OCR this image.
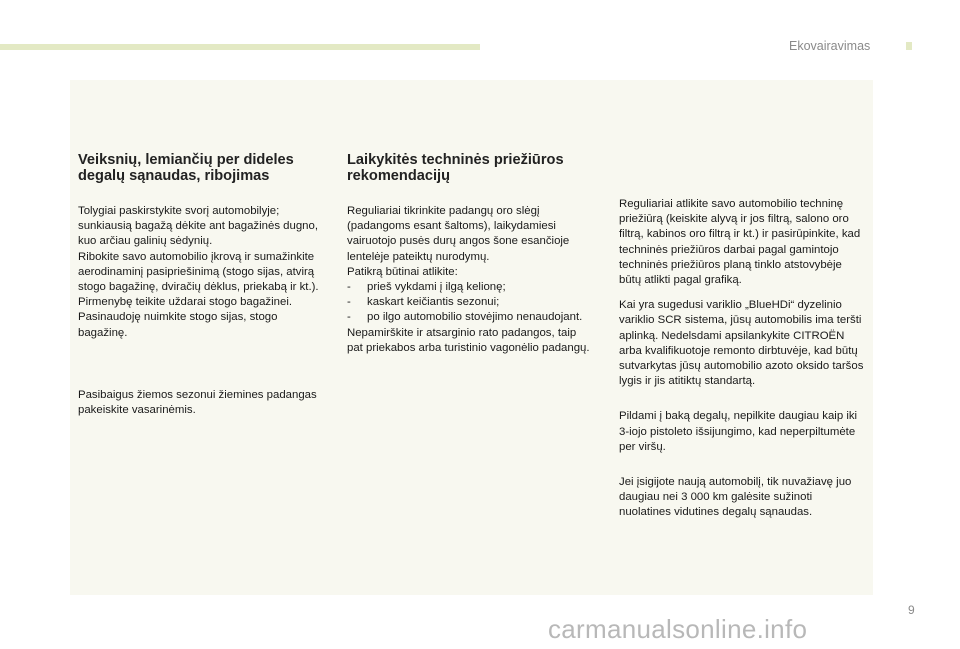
Ekovairavimas
Veiksnių, lemiančių per dideles degalų sąnaudas, ribojimas

Tolygiai paskirstykite svorį automobilyje; sunkiausią bagažą dėkite ant bagažinės dugno, kuo arčiau galinių sėdynių.

Ribokite savo automobilio įkrovą ir sumažinkite aerodinaminį pasipriešinimą (stogo sijas, atvirą stogo bagažinę, dviračių dėklus, priekabą ir kt.). Pirmenybę teikite uždarai stogo bagažinei.

Pasinaudoję nuimkite stogo sijas, stogo bagažinę.

Pasibaigus žiemos sezonui žiemines padangas pakeiskite vasarinėmis.

Laikykitės techninės priežiūros rekomendacijų

Reguliariai tikrinkite padangų oro slėgį (padangoms esant šaltoms), laikydamiesi vairuotojo pusės durų angos šone esančioje lentelėje pateiktų nurodymų.

Patikrą būtinai atlikite:

-	prieš vykdami į ilgą kelionę;
-	kaskart keičiantis sezonui;
-	po ilgo automobilio stovėjimo nenaudojant.

Nepamirškite ir atsarginio rato padangos, taip pat priekabos arba turistinio vagonėlio padangų.

Reguliariai atlikite savo automobilio techninę priežiūrą (keiskite alyvą ir jos filtrą, salono oro filtrą, kabinos oro filtrą ir kt.) ir pasirūpinkite, kad techninės priežiūros darbai pagal gamintojo techninės priežiūros planą tinklo atstovybėje būtų atlikti pagal grafiką.

Kai yra sugedusi variklio „BlueHDi“ dyzelinio variklio SCR sistema, jūsų automobilis ima teršti aplinką. Nedelsdami apsilankykite CITROËN arba kvalifikuotoje remonto dirbtuvėje, kad būtų sutvarkytas jūsų automobilio azoto oksido taršos lygis ir jis atitiktų standartą.

Pildami į baką degalų, nepilkite daugiau kaip iki 3-iojo pistoleto išsijungimo, kad neperpiltumėte per viršų.

Jei įsigijote naują automobilį, tik nuvažiavę juo daugiau nei 3 000 km galėsite sužinoti nuolatines vidutines degalų sąnaudas.

9
carmanualsonline.info
